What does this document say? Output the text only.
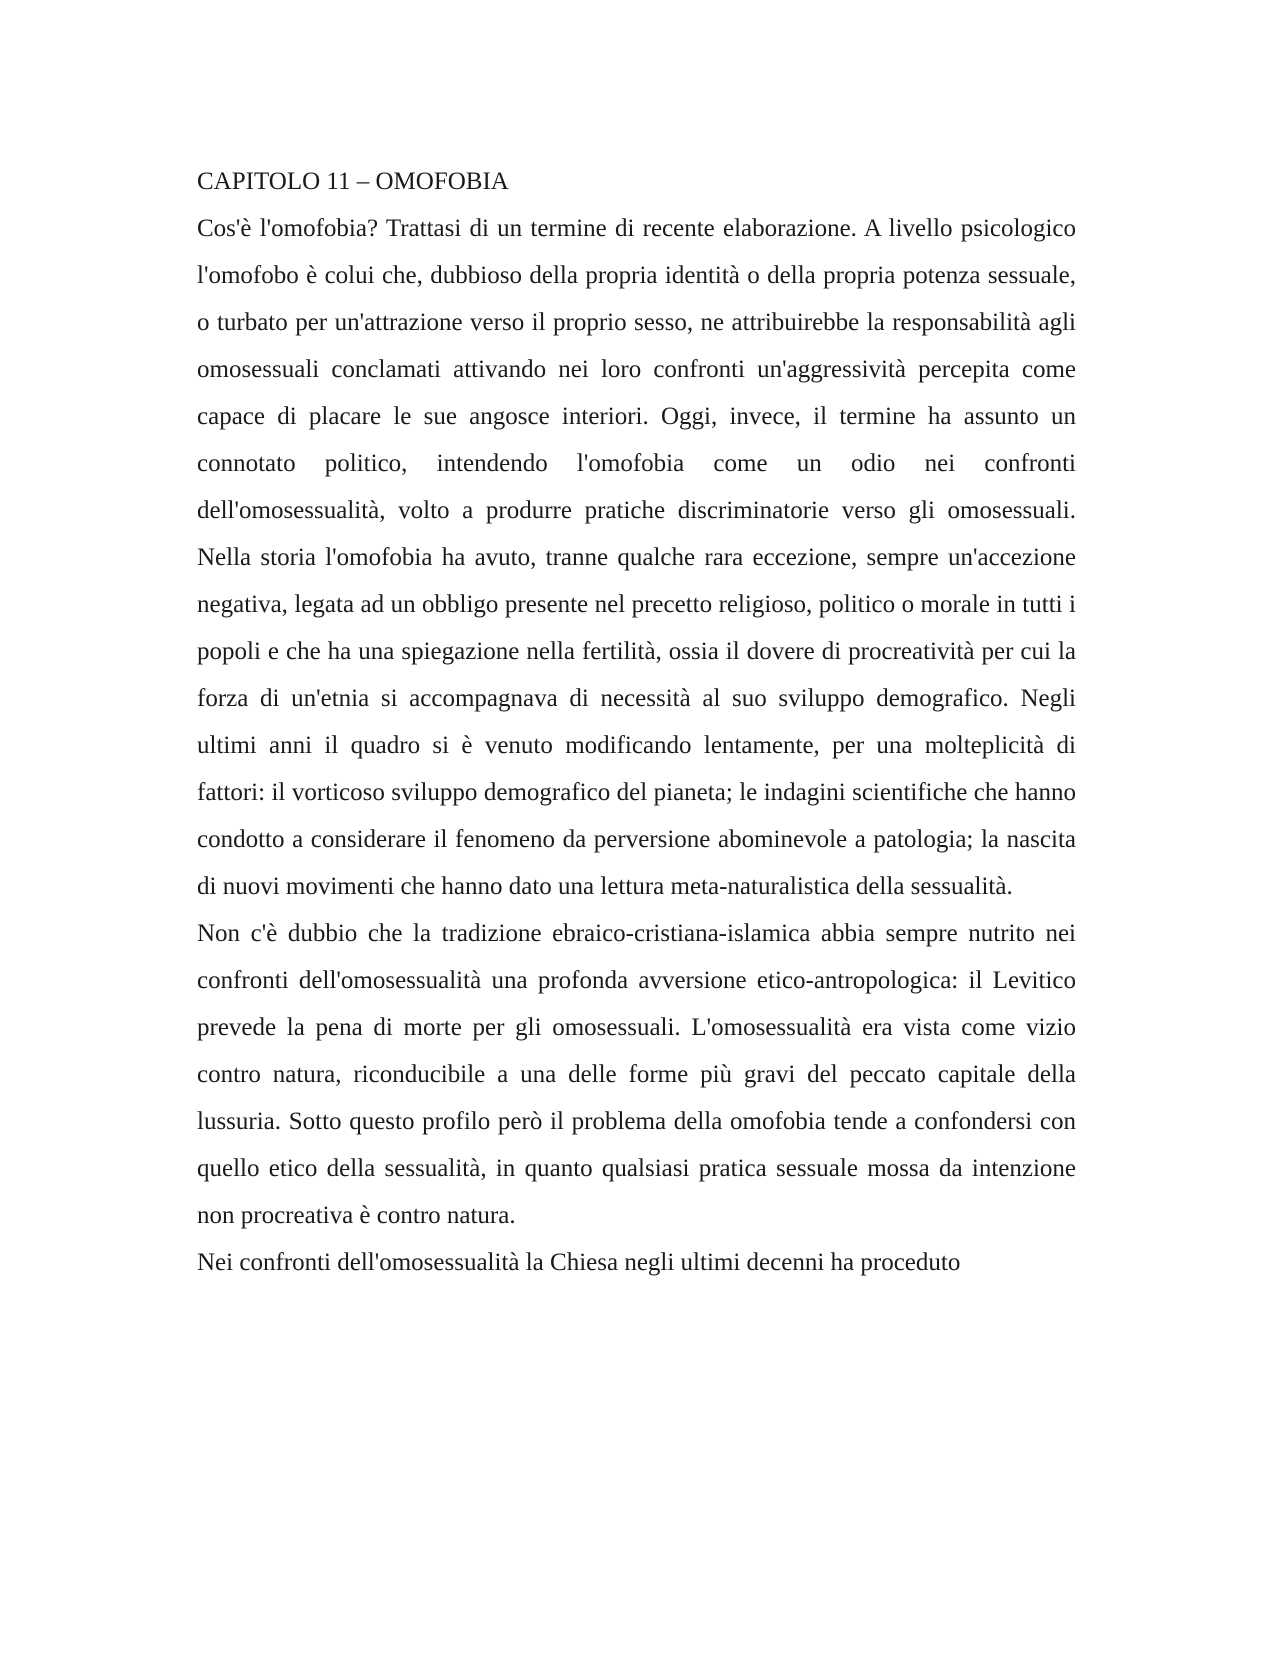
CAPITOLO 11 – OMOFOBIA

Cos'è l'omofobia? Trattasi di un termine di recente elaborazione. A livello psicologico l'omofobo è colui che, dubbioso della propria identità o della propria potenza sessuale, o turbato per un'attrazione verso il proprio sesso, ne attribuirebbe la responsabilità agli omosessuali conclamati attivando nei loro confronti un'aggressività percepita come capace di placare le sue angosce interiori. Oggi, invece, il termine ha assunto un connotato politico, intendendo l'omofobia come un odio nei confronti dell'omosessualità, volto a produrre pratiche discriminatorie verso gli omosessuali. Nella storia l'omofobia ha avuto, tranne qualche rara eccezione, sempre un'accezione negativa, legata ad un obbligo presente nel precetto religioso, politico o morale in tutti i popoli e che ha una spiegazione nella fertilità, ossia il dovere di procreatività per cui la forza di un'etnia si accompagnava di necessità al suo sviluppo demografico. Negli ultimi anni il quadro si è venuto modificando lentamente, per una molteplicità di fattori: il vorticoso sviluppo demografico del pianeta; le indagini scientifiche che hanno condotto a considerare il fenomeno da perversione abominevole a patologia; la nascita di nuovi movimenti che hanno dato una lettura meta-naturalistica della sessualità.

Non c'è dubbio che la tradizione ebraico-cristiana-islamica abbia sempre nutrito nei confronti dell'omosessualità una profonda avversione etico-antropologica: il Levitico prevede la pena di morte per gli omosessuali. L'omosessualità era vista come vizio contro natura, riconducibile a una delle forme più gravi del peccato capitale della lussuria. Sotto questo profilo però il problema della omofobia tende a confondersi con quello etico della sessualità, in quanto qualsiasi pratica sessuale mossa da intenzione non procreativa è contro natura.

Nei confronti dell'omosessualità la Chiesa negli ultimi decenni ha proceduto
